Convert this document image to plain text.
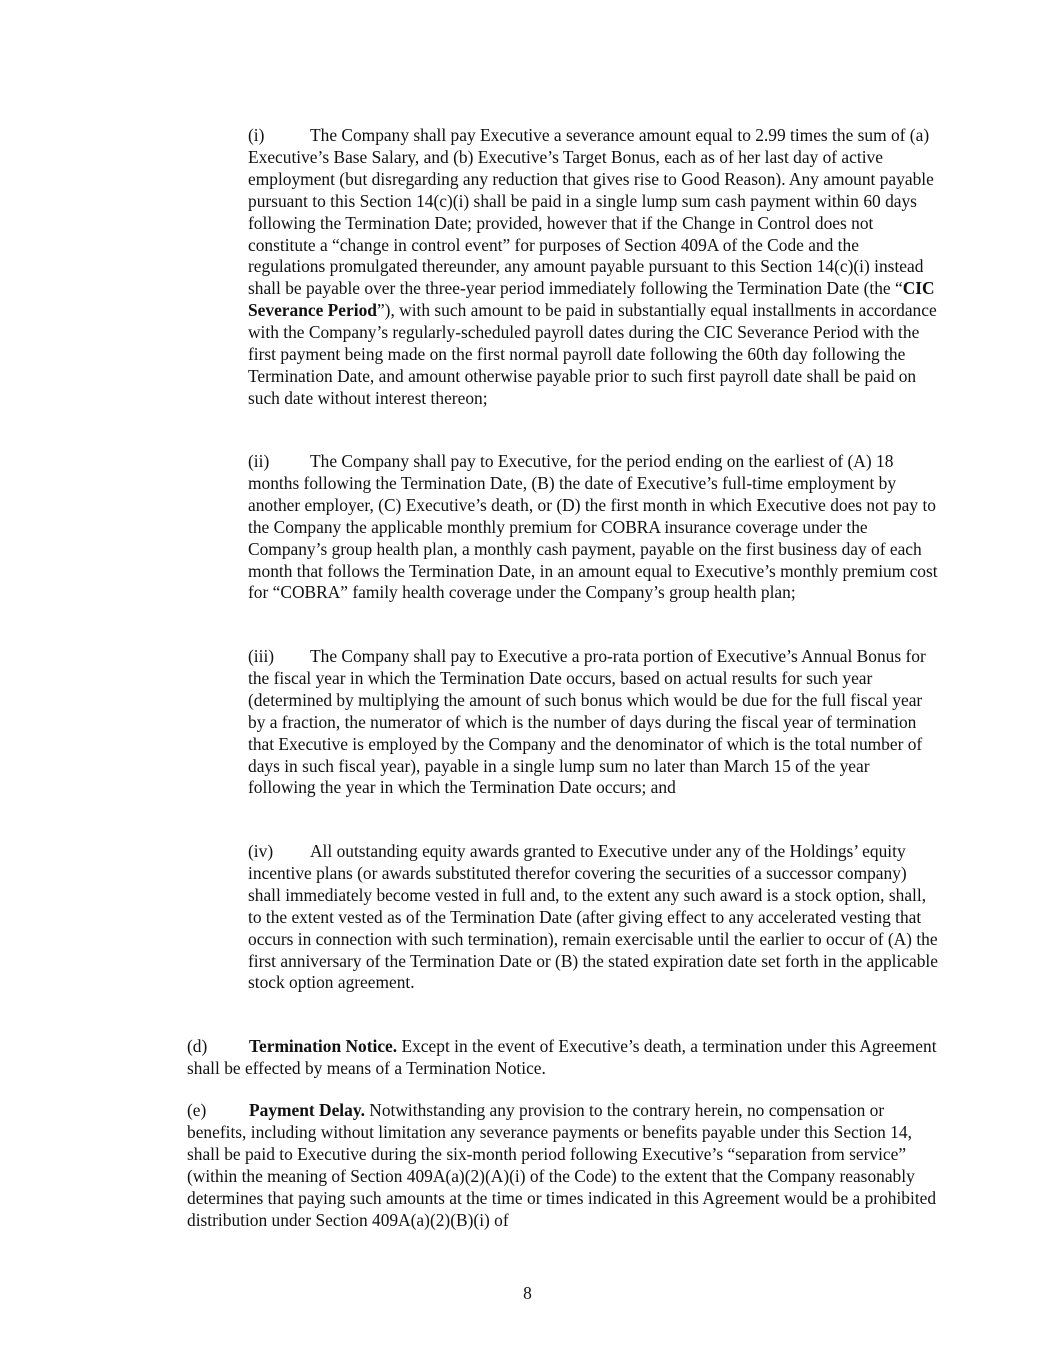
(i)	The Company shall pay Executive a severance amount equal to 2.99 times the sum of (a) Executive’s Base Salary, and (b) Executive’s Target Bonus, each as of her last day of active employment (but disregarding any reduction that gives rise to Good Reason). Any amount payable pursuant to this Section 14(c)(i) shall be paid in a single lump sum cash payment within 60 days following the Termination Date; provided, however that if the Change in Control does not constitute a “change in control event” for purposes of Section 409A of the Code and the regulations promulgated thereunder, any amount payable pursuant to this Section 14(c)(i) instead shall be payable over the three-year period immediately following the Termination Date (the “CIC Severance Period”), with such amount to be paid in substantially equal installments in accordance with the Company’s regularly-scheduled payroll dates during the CIC Severance Period with the first payment being made on the first normal payroll date following the 60th day following the Termination Date, and amount otherwise payable prior to such first payroll date shall be paid on such date without interest thereon;

(ii) The Company shall pay to Executive, for the period ending on the earliest of (A) 18 months following the Termination Date, (B) the date of Executive’s full-time employment by another employer, (C) Executive’s death, or (D) the first month in which Executive does not pay to the Company the applicable monthly premium for COBRA insurance coverage under the Company’s group health plan, a monthly cash payment, payable on the first business day of each month that follows the Termination Date, in an amount equal to Executive’s monthly premium cost for “COBRA” family health coverage under the Company’s group health plan;

(iii) The Company shall pay to Executive a pro-rata portion of Executive’s Annual Bonus for the fiscal year in which the Termination Date occurs, based on actual results for such year (determined by multiplying the amount of such bonus which would be due for the full fiscal year by a fraction, the numerator of which is the number of days during the fiscal year of termination that Executive is employed by the Company and the denominator of which is the total number of days in such fiscal year), payable in a single lump sum no later than March 15 of the year following the year in which the Termination Date occurs; and

(iv) All outstanding equity awards granted to Executive under any of the Holdings’ equity incentive plans (or awards substituted therefor covering the securities of a successor company) shall immediately become vested in full and, to the extent any such award is a stock option, shall, to the extent vested as of the Termination Date (after giving effect to any accelerated vesting that occurs in connection with such termination), remain exercisable until the earlier to occur of (A) the first anniversary of the Termination Date or (B) the stated expiration date set forth in the applicable stock option agreement.

(d) Termination Notice. Except in the event of Executive’s death, a termination under this Agreement shall be effected by means of a Termination Notice.

(e) Payment Delay. Notwithstanding any provision to the contrary herein, no compensation or benefits, including without limitation any severance payments or benefits payable under this Section 14, shall be paid to Executive during the six-month period following Executive’s “separation from service” (within the meaning of Section 409A(a)(2)(A)(i) of the Code) to the extent that the Company reasonably determines that paying such amounts at the time or times indicated in this Agreement would be a prohibited distribution under Section 409A(a)(2)(B)(i) of

8
